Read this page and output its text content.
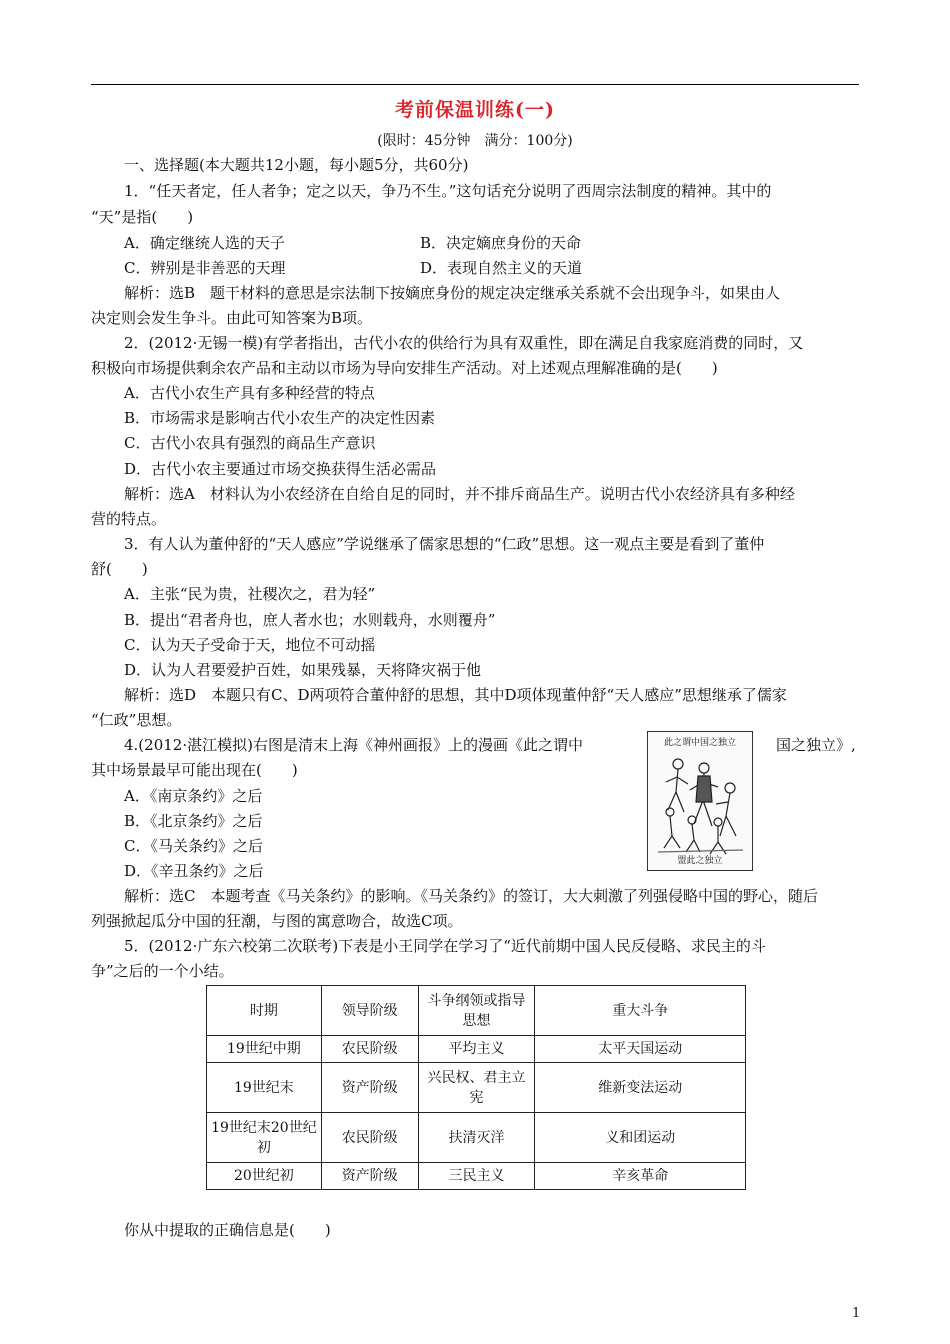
考前保温训练(一)
(限时：45分钟　满分：100分)
一、选择题(本大题共12小题，每小题5分，共60分)
1．“任天者定，任人者争；定之以天，争乃不生。”这句话充分说明了西周宗法制度的精神。其中的
“天”是指(　　)
A．确定继统人选的天子	B．决定嫡庶身份的天命
C．辨别是非善恶的天理	D．表现自然主义的天道
解析：选B　题干材料的意思是宗法制下按嫡庶身份的规定决定继承关系就不会出现争斗，如果由人
决定则会发生争斗。由此可知答案为B项。
2．(2012·无锡一模)有学者指出，古代小农的供给行为具有双重性，即在满足自我家庭消费的同时，又
积极向市场提供剩余农产品和主动以市场为导向安排生产活动。对上述观点理解准确的是(　　)
A．古代小农生产具有多种经营的特点
B．市场需求是影响古代小农生产的决定性因素
C．古代小农具有强烈的商品生产意识
D．古代小农主要通过市场交换获得生活必需品
解析：选A　材料认为小农经济在自给自足的同时，并不排斥商品生产。说明古代小农经济具有多种经
营的特点。
3．有人认为董仲舒的“天人感应”学说继承了儒家思想的“仁政”思想。这一观点主要是看到了董仲
舒(　　)
A．主张“民为贵，社稷次之，君为轻”
B．提出“君者舟也，庶人者水也；水则载舟，水则覆舟”
C．认为天子受命于天，地位不可动摇
D．认为人君要爱护百姓，如果残暴，天将降灾祸于他
解析：选D　本题只有C、D两项符合董仲舒的思想，其中D项体现董仲舒“天人感应”思想继承了儒家
“仁政”思想。
4.(2012·湛江模拟)右图是清末上海《神州画报》上的漫画《此之谓中	国之独立》,
其中场景最早可能出现在(　　)
A．《南京条约》之后
B．《北京条约》之后
C．《马关条约》之后
D．《辛丑条约》之后
此之谓中国之独立
盟此之独立
解析：选C　本题考查《马关条约》的影响。《马关条约》的签订，大大刺激了列强侵略中国的野心，随后
列强掀起瓜分中国的狂潮，与图的寓意吻合，故选C项。
5．(2012·广东六校第二次联考)下表是小王同学在学习了“近代前期中国人民反侵略、求民主的斗
争”之后的一个小结。
时期	领导阶级	斗争纲领或指导思想	重大斗争
19世纪中期	农民阶级	平均主义	太平天国运动
19世纪末	资产阶级	兴民权、君主立宪	维新变法运动
19世纪末20世纪初	农民阶级	扶清灭洋	义和团运动
20世纪初	资产阶级	三民主义	辛亥革命
你从中提取的正确信息是(　　)
1
